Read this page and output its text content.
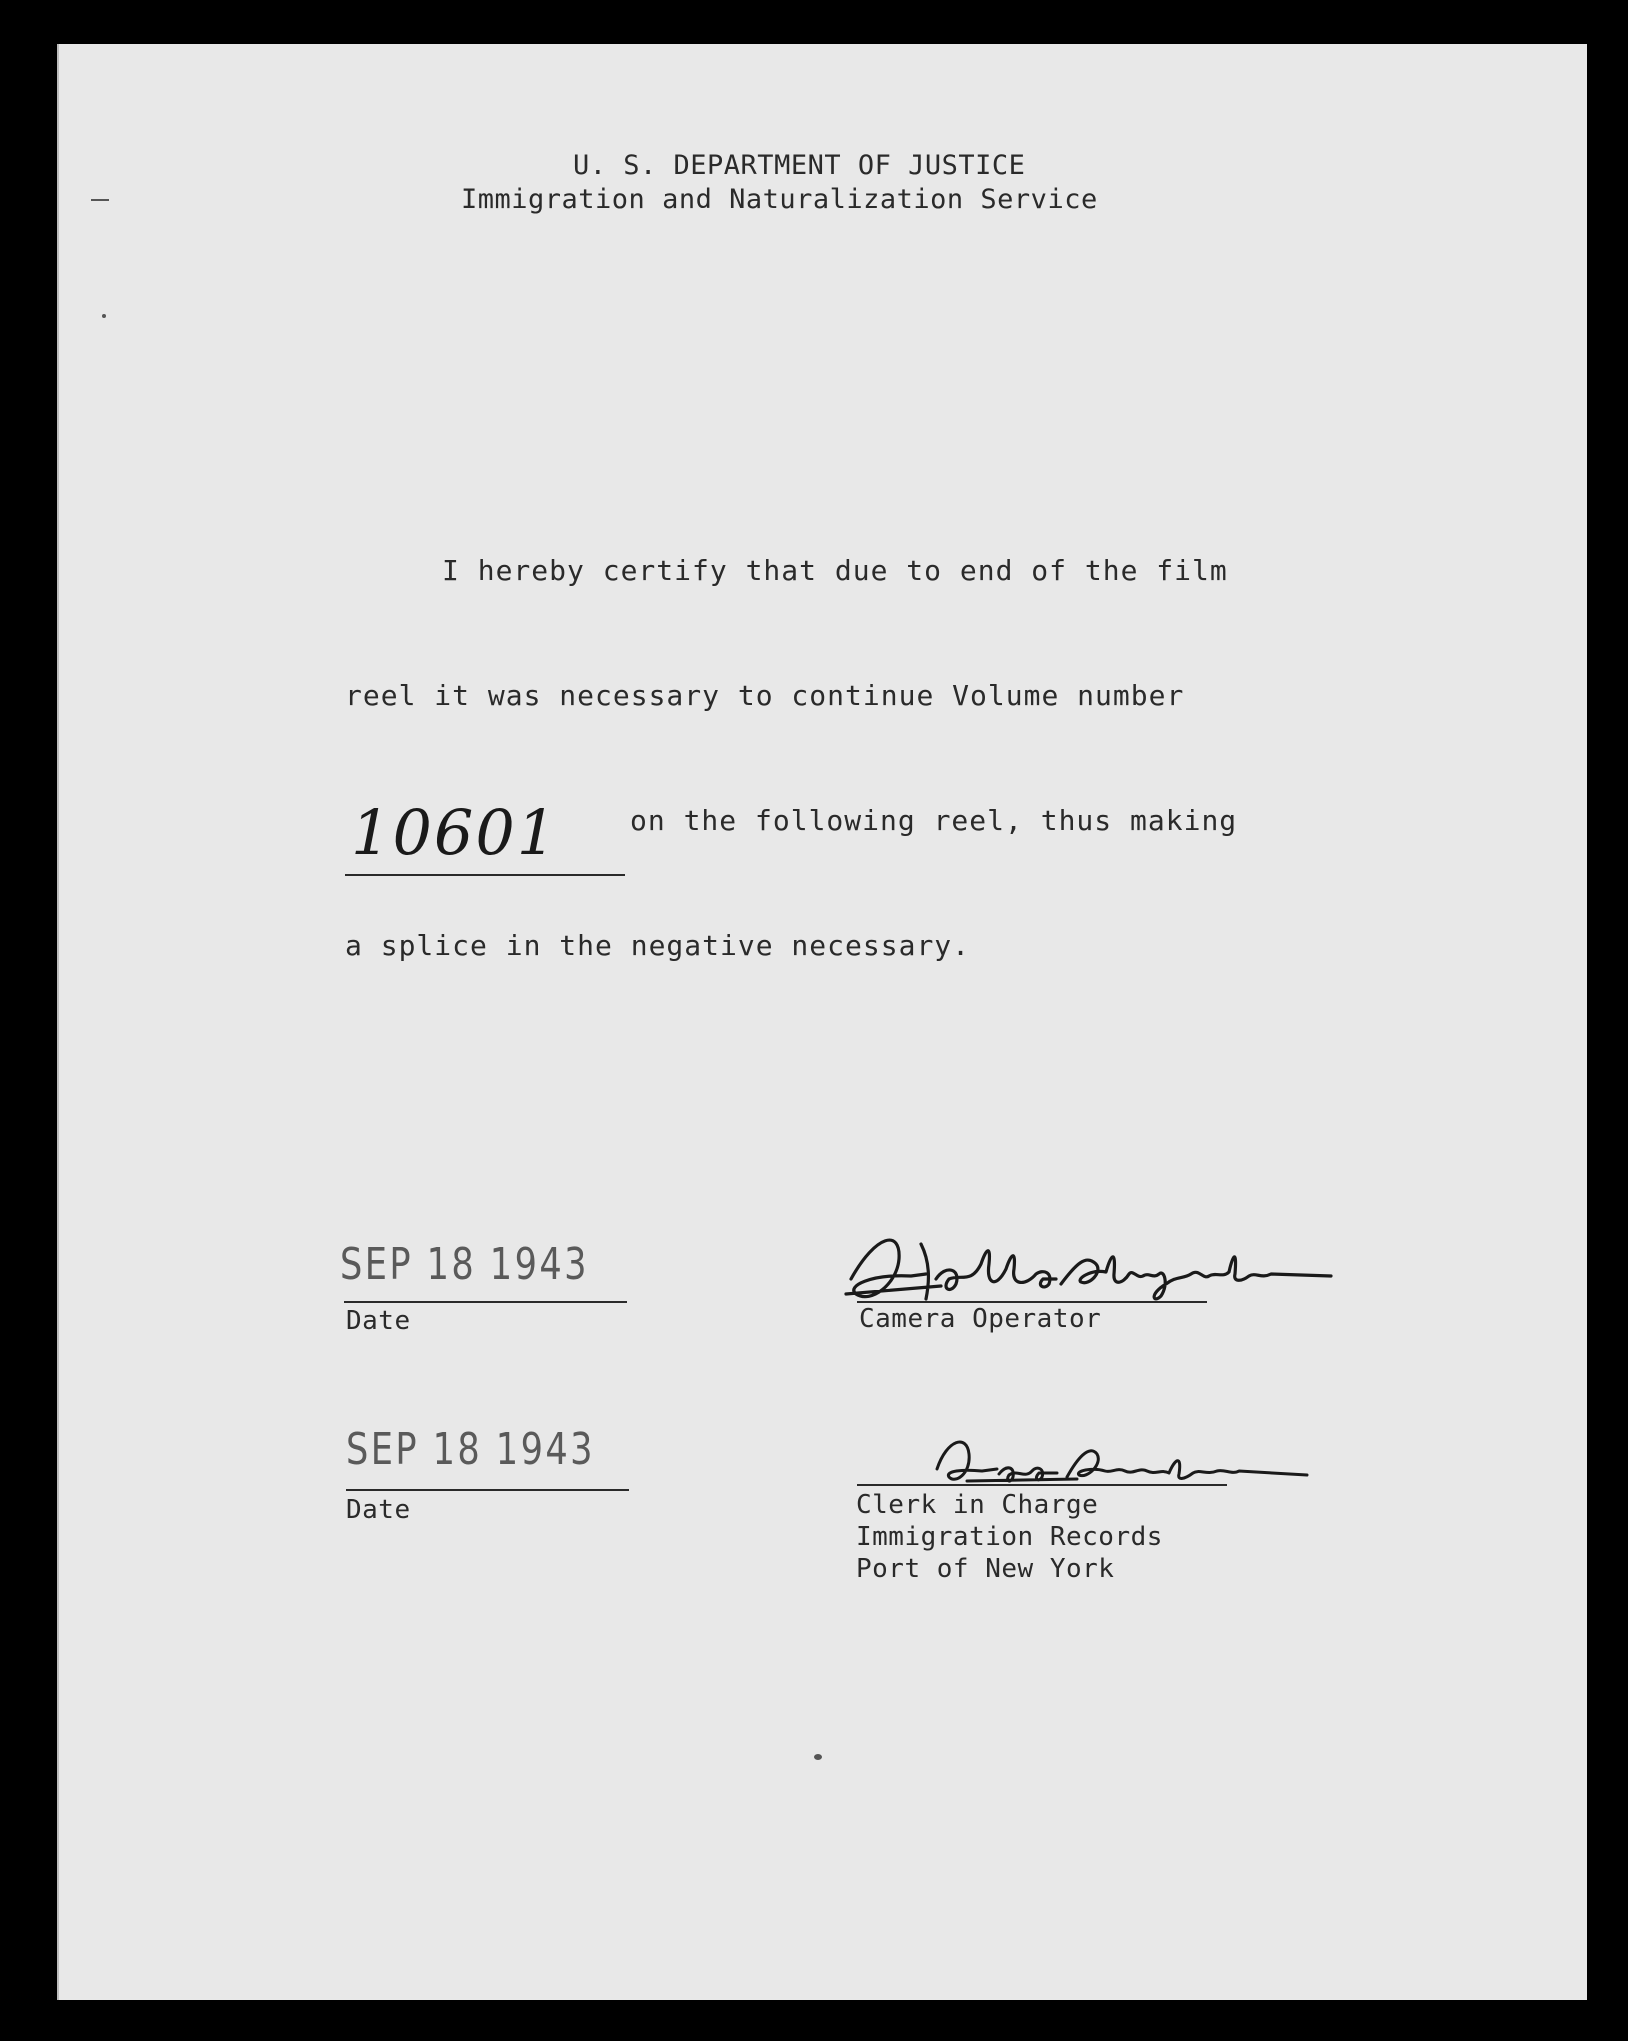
U. S. DEPARTMENT OF JUSTICE
Immigration and Naturalization Service
I hereby certify that due to end of the film
reel it was necessary to continue Volume number
10601	on the following reel, thus making
a splice in the negative necessary.
SEP 18 1943
Date	Camera Operator
SEP 18 1943
Date	Clerk in Charge
Immigration Records
Port of New York
